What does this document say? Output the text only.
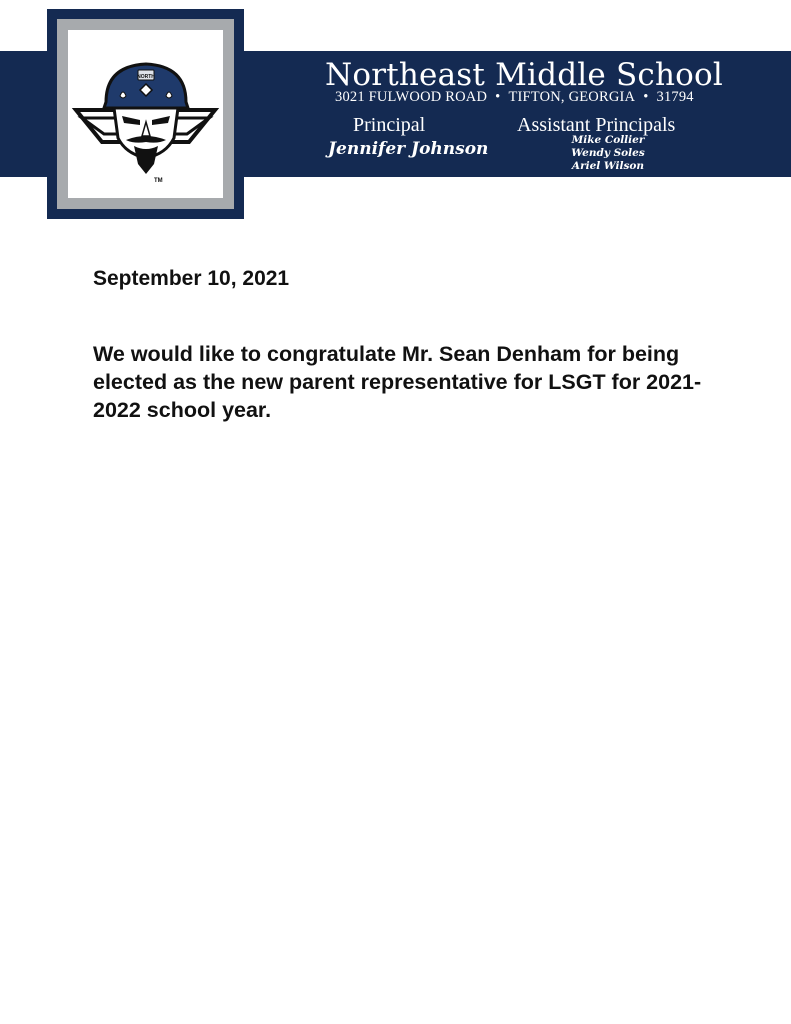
NORTH
TM
Northeast Middle School
3021 FULWOOD ROAD • TIFTON, GEORGIA • 31794
Principal
Jennifer Johnson
Assistant Principals
Mike Collier
Wendy Soles
Ariel Wilson
September 10, 2021

We would like to congratulate Mr. Sean Denham for being elected as the new parent representative for LSGT for 2021-2022 school year.
